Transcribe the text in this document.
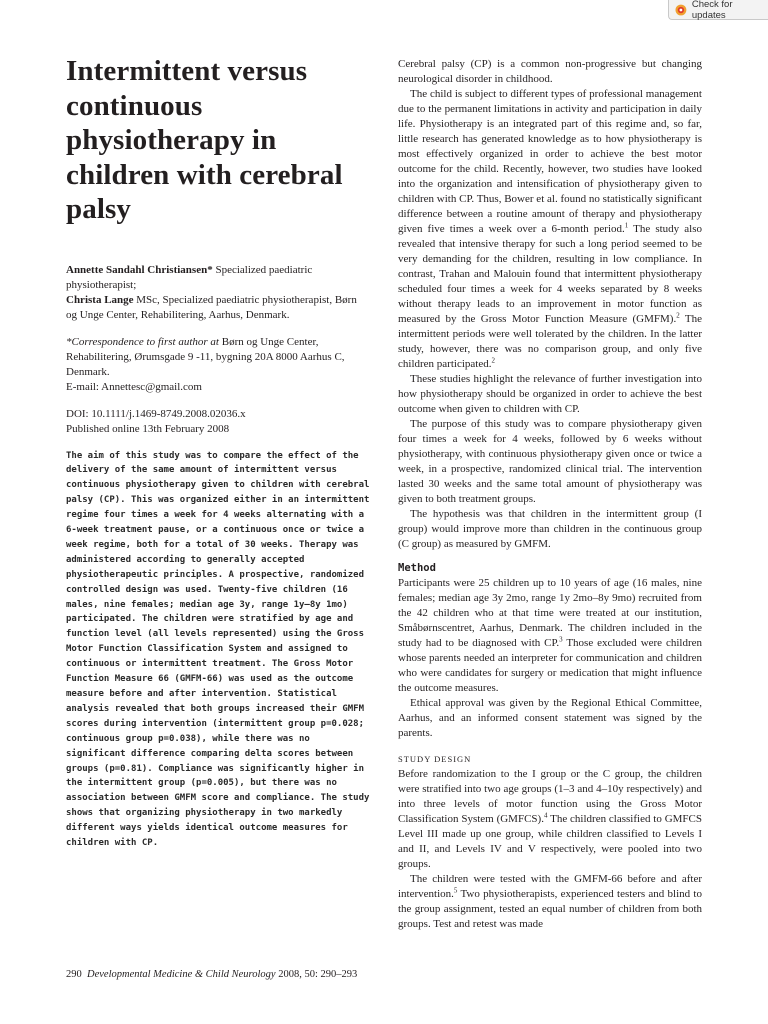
Check for updates
Intermittent versus continuous physiotherapy in children with cerebral palsy
Annette Sandahl Christiansen* Specialized paediatric physiotherapist;
Christa Lange MSc, Specialized paediatric physiotherapist, Børn og Unge Center, Rehabilitering, Aarhus, Denmark.
*Correspondence to first author at Børn og Unge Center, Rehabilitering, Ørumsgade 9 -11, bygning 20A 8000 Aarhus C, Denmark.
E-mail: Annettesc@gmail.com
DOI: 10.1111/j.1469-8749.2008.02036.x
Published online 13th February 2008
The aim of this study was to compare the effect of the delivery of the same amount of intermittent versus continuous physiotherapy given to children with cerebral palsy (CP). This was organized either in an intermittent regime four times a week for 4 weeks alternating with a 6-week treatment pause, or a continuous once or twice a week regime, both for a total of 30 weeks. Therapy was administered according to generally accepted physiotherapeutic principles. A prospective, randomized controlled design was used. Twenty-five children (16 males, nine females; median age 3y, range 1y–8y 1mo) participated. The children were stratified by age and function level (all levels represented) using the Gross Motor Function Classification System and assigned to continuous or intermittent treatment. The Gross Motor Function Measure 66 (GMFM-66) was used as the outcome measure before and after intervention. Statistical analysis revealed that both groups increased their GMFM scores during intervention (intermittent group p=0.028; continuous group p=0.038), while there was no significant difference comparing delta scores between groups (p=0.81). Compliance was significantly higher in the intermittent group (p=0.005), but there was no association between GMFM score and compliance. The study shows that organizing physiotherapy in two markedly different ways yields identical outcome measures for children with CP.

Cerebral palsy (CP) is a common non-progressive but changing neurological disorder in childhood.

The child is subject to different types of professional management due to the permanent limitations in activity and participation in daily life. Physiotherapy is an integrated part of this regime and, so far, little research has generated knowledge as to how physiotherapy is most effectively organized in order to achieve the best motor outcome for the child. Recently, however, two studies have looked into the organization and intensification of physiotherapy given to children with CP. Thus, Bower et al. found no statistically significant difference between a routine amount of therapy and physiotherapy given five times a week over a 6-month period.$^1$ The study also revealed that intensive therapy for such a long period seemed to be very demanding for the children, resulting in low compliance. In contrast, Trahan and Malouin found that intermittent physiotherapy scheduled four times a week for 4 weeks separated by 8 weeks without therapy leads to an improvement in motor function as measured by the Gross Motor Function Measure (GMFM).$^2$ The intermittent periods were well tolerated by the children. In the latter study, however, there was no comparison group, and only five children participated.$^2$

These studies highlight the relevance of further investigation into how physiotherapy should be organized in order to achieve the best outcome when given to children with CP.

The purpose of this study was to compare physiotherapy given four times a week for 4 weeks, followed by 6 weeks without physiotherapy, with continuous physiotherapy given once or twice a week, in a prospective, randomized clinical trial. The intervention lasted 30 weeks and the same total amount of physiotherapy was given to both treatment groups.

The hypothesis was that children in the intermittent group (I group) would improve more than children in the continuous group (C group) as measured by GMFM.

Method

Participants were 25 children up to 10 years of age (16 males, nine females; median age 3y 2mo, range 1y 2mo–8y 9mo) recruited from the 42 children who at that time were treated at our institution, Småbørnscentret, Aarhus, Denmark. The children included in the study had to be diagnosed with CP.$^3$ Those excluded were children whose parents needed an interpreter for communication and children who were candidates for surgery or medication that might influence the outcome measures.

Ethical approval was given by the Regional Ethical Committee, Aarhus, and an informed consent statement was signed by the parents.

STUDY DESIGN

Before randomization to the I group or the C group, the children were stratified into two age groups (1–3 and 4–10y respectively) and into three levels of motor function using the Gross Motor Classification System (GMFCS).$^4$ The children classified to GMFCS Level III made up one group, while children classified to Levels I and II, and Levels IV and V respectively, were pooled into two groups.

The children were tested with the GMFM-66 before and after intervention.$^5$ Two physiotherapists, experienced testers and blind to the group assignment, tested an equal number of children from both groups. Test and retest was made

290 Developmental Medicine & Child Neurology 2008, 50: 290–293
